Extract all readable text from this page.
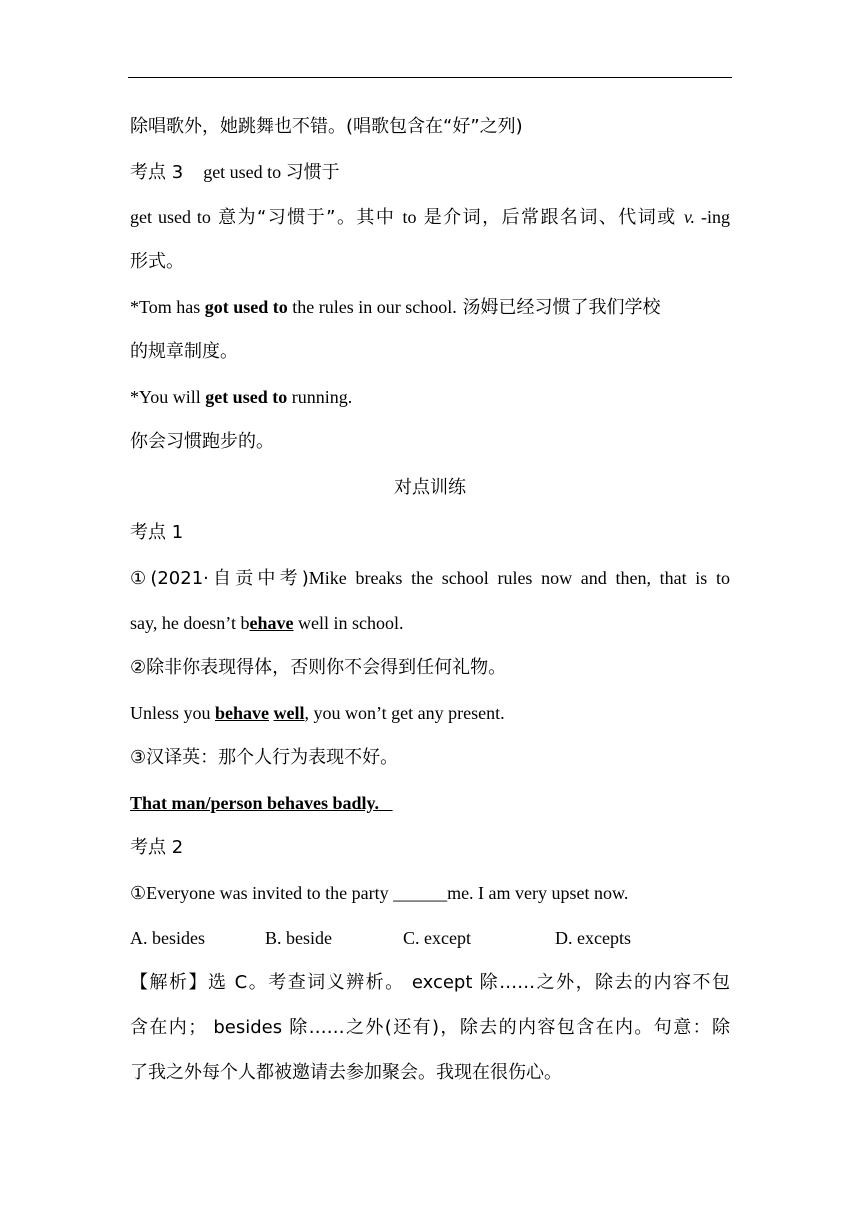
除唱歌外，她跳舞也不错。(唱歌包含在“好”之列)
考点 3 get used to 习惯于
get used to 意为“习惯于”。其中 to 是介词，后常跟名词、代词或 v. -ing
形式。
*Tom has got used to the rules in our school. 汤姆已经习惯了我们学校
的规章制度。
*You will get used to running.
你会习惯跑步的。
对点训练
考点 1
①(2021·自贡中考)Mike breaks the school rules now and then, that is to
say, he doesn’t behave well in school.
②除非你表现得体，否则你不会得到任何礼物。
Unless you behave well, you won’t get any present.
③汉译英：那个人行为表现不好。
That man/person behaves badly.
考点 2
①Everyone was invited to the party ______me. I am very upset now.
A. besides	B. beside	C. except	D. excepts
【解析】选 C。考查词义辨析。 except 除……之外，除去的内容不包
含在内； besides 除……之外(还有)，除去的内容包含在内。句意：除
了我之外每个人都被邀请去参加聚会。我现在很伤心。
